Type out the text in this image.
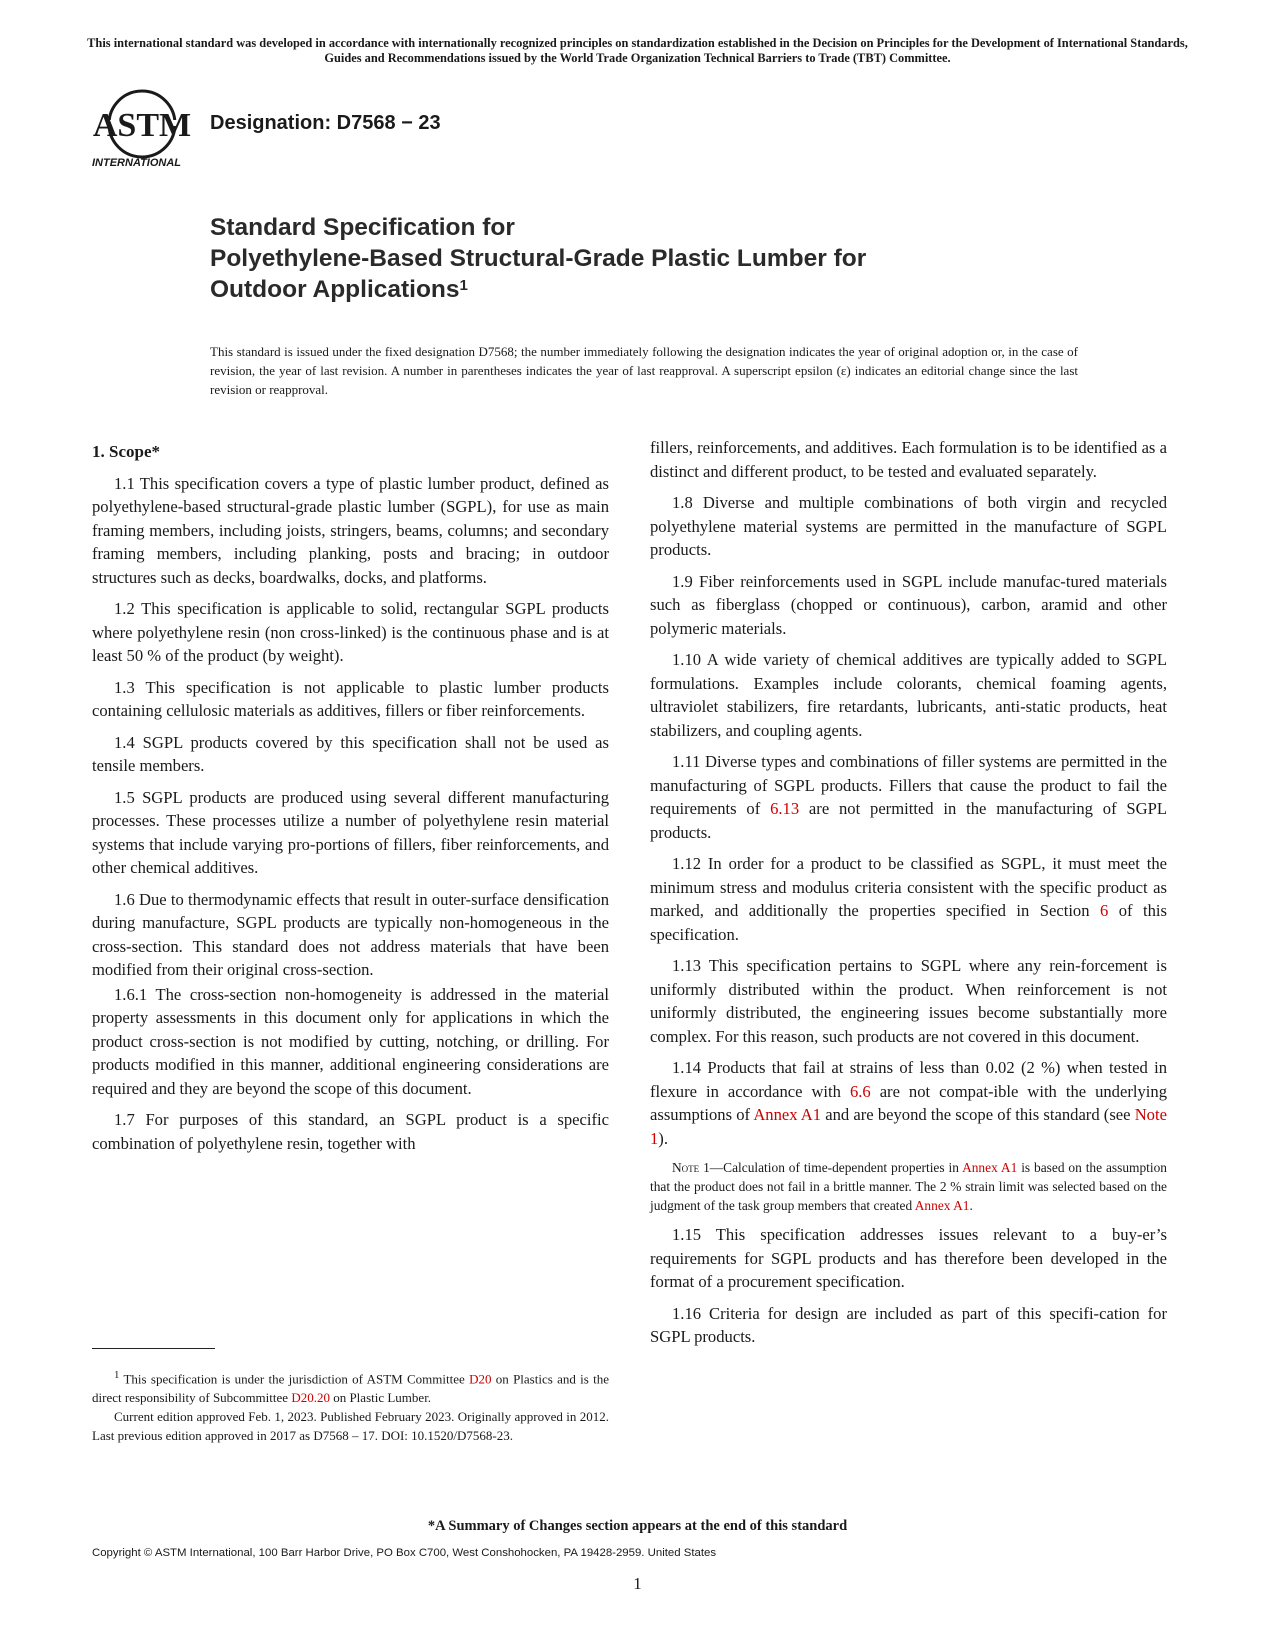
This international standard was developed in accordance with internationally recognized principles on standardization established in the Decision on Principles for the Development of International Standards, Guides and Recommendations issued by the World Trade Organization Technical Barriers to Trade (TBT) Committee.
ASTM
INTERNATIONAL
Designation: D7568 − 23
Standard Specification for
Polyethylene-Based Structural-Grade Plastic Lumber for
Outdoor Applications$^1$
This standard is issued under the fixed designation D7568; the number immediately following the designation indicates the year of original adoption or, in the case of revision, the year of last revision. A number in parentheses indicates the year of last reapproval. A superscript epsilon (ε) indicates an editorial change since the last revision or reapproval.
1. Scope*

1.1 This specification covers a type of plastic lumber product, defined as polyethylene-based structural-grade plastic lumber (SGPL), for use as main framing members, including joists, stringers, beams, columns; and secondary framing members, including planking, posts and bracing; in outdoor structures such as decks, boardwalks, docks, and platforms.

1.2 This specification is applicable to solid, rectangular SGPL products where polyethylene resin (non cross-linked) is the continuous phase and is at least 50 % of the product (by weight).

1.3 This specification is not applicable to plastic lumber products containing cellulosic materials as additives, fillers or fiber reinforcements.

1.4 SGPL products covered by this specification shall not be used as tensile members.

1.5 SGPL products are produced using several different manufacturing processes. These processes utilize a number of polyethylene resin material systems that include varying pro-portions of fillers, fiber reinforcements, and other chemical additives.

1.6 Due to thermodynamic effects that result in outer-surface densification during manufacture, SGPL products are typically non-homogeneous in the cross-section. This standard does not address materials that have been modified from their original cross-section.

1.6.1 The cross-section non-homogeneity is addressed in the material property assessments in this document only for applications in which the product cross-section is not modified by cutting, notching, or drilling. For products modified in this manner, additional engineering considerations are required and they are beyond the scope of this document.

1.7 For purposes of this standard, an SGPL product is a specific combination of polyethylene resin, together with

fillers, reinforcements, and additives. Each formulation is to be identified as a distinct and different product, to be tested and evaluated separately.

1.8 Diverse and multiple combinations of both virgin and recycled polyethylene material systems are permitted in the manufacture of SGPL products.

1.9 Fiber reinforcements used in SGPL include manufac-tured materials such as fiberglass (chopped or continuous), carbon, aramid and other polymeric materials.

1.10 A wide variety of chemical additives are typically added to SGPL formulations. Examples include colorants, chemical foaming agents, ultraviolet stabilizers, fire retardants, lubricants, anti-static products, heat stabilizers, and coupling agents.

1.11 Diverse types and combinations of filler systems are permitted in the manufacturing of SGPL products. Fillers that cause the product to fail the requirements of 6.13 are not permitted in the manufacturing of SGPL products.

1.12 In order for a product to be classified as SGPL, it must meet the minimum stress and modulus criteria consistent with the specific product as marked, and additionally the properties specified in Section 6 of this specification.

1.13 This specification pertains to SGPL where any rein-forcement is uniformly distributed within the product. When reinforcement is not uniformly distributed, the engineering issues become substantially more complex. For this reason, such products are not covered in this document.

1.14 Products that fail at strains of less than 0.02 (2 %) when tested in flexure in accordance with 6.6 are not compat-ible with the underlying assumptions of Annex A1 and are beyond the scope of this standard (see Note 1).

Note 1—Calculation of time-dependent properties in Annex A1 is based on the assumption that the product does not fail in a brittle manner. The 2 % strain limit was selected based on the judgment of the task group members that created Annex A1.

1.15 This specification addresses issues relevant to a buy-er’s requirements for SGPL products and has therefore been developed in the format of a procurement specification.

1.16 Criteria for design are included as part of this specifi-cation for SGPL products.

$^1$ This specification is under the jurisdiction of ASTM Committee D20 on Plastics and is the direct responsibility of Subcommittee D20.20 on Plastic Lumber.

Current edition approved Feb. 1, 2023. Published February 2023. Originally approved in 2012. Last previous edition approved in 2017 as D7568 – 17. DOI: 10.1520/D7568-23.

*A Summary of Changes section appears at the end of this standard
Copyright © ASTM International, 100 Barr Harbor Drive, PO Box C700, West Conshohocken, PA 19428-2959. United States
1
